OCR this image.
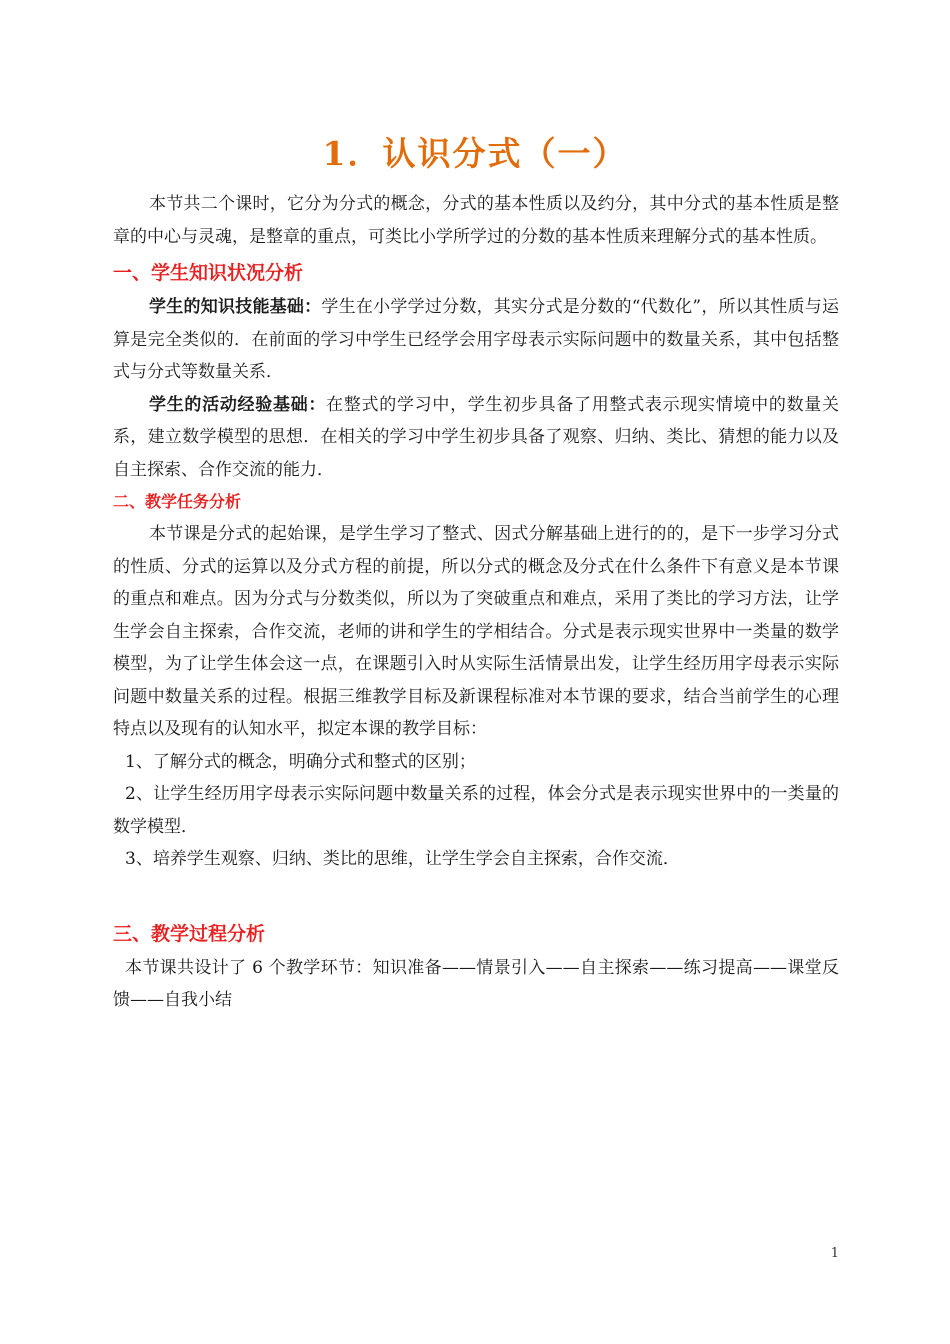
1．认识分式（一）

本节共二个课时，它分为分式的概念，分式的基本性质以及约分，其中分式的基本性质是整章的中心与灵魂，是整章的重点，可类比小学所学过的分数的基本性质来理解分式的基本性质。

一、学生知识状况分析

学生的知识技能基础：学生在小学学过分数，其实分式是分数的“代数化”，所以其性质与运算是完全类似的．在前面的学习中学生已经学会用字母表示实际问题中的数量关系，其中包括整式与分式等数量关系．

学生的活动经验基础：在整式的学习中，学生初步具备了用整式表示现实情境中的数量关系，建立数学模型的思想．在相关的学习中学生初步具备了观察、归纳、类比、猜想的能力以及自主探索、合作交流的能力．

二、教学任务分析

本节课是分式的起始课，是学生学习了整式、因式分解基础上进行的的，是下一步学习分式的性质、分式的运算以及分式方程的前提，所以分式的概念及分式在什么条件下有意义是本节课的重点和难点。因为分式与分数类似，所以为了突破重点和难点，采用了类比的学习方法，让学生学会自主探索，合作交流，老师的讲和学生的学相结合。分式是表示现实世界中一类量的数学模型，为了让学生体会这一点，在课题引入时从实际生活情景出发，让学生经历用字母表示实际问题中数量关系的过程。根据三维教学目标及新课程标准对本节课的要求，结合当前学生的心理特点以及现有的认知水平，拟定本课的教学目标：

1、了解分式的概念，明确分式和整式的区别；

2、让学生经历用字母表示实际问题中数量关系的过程，体会分式是表示现实世界中的一类量的数学模型．

3、培养学生观察、归纳、类比的思维，让学生学会自主探索，合作交流．

三、教学过程分析

本节课共设计了 6 个教学环节：知识准备——情景引入——自主探索——练习提高——课堂反馈——自我小结

1
